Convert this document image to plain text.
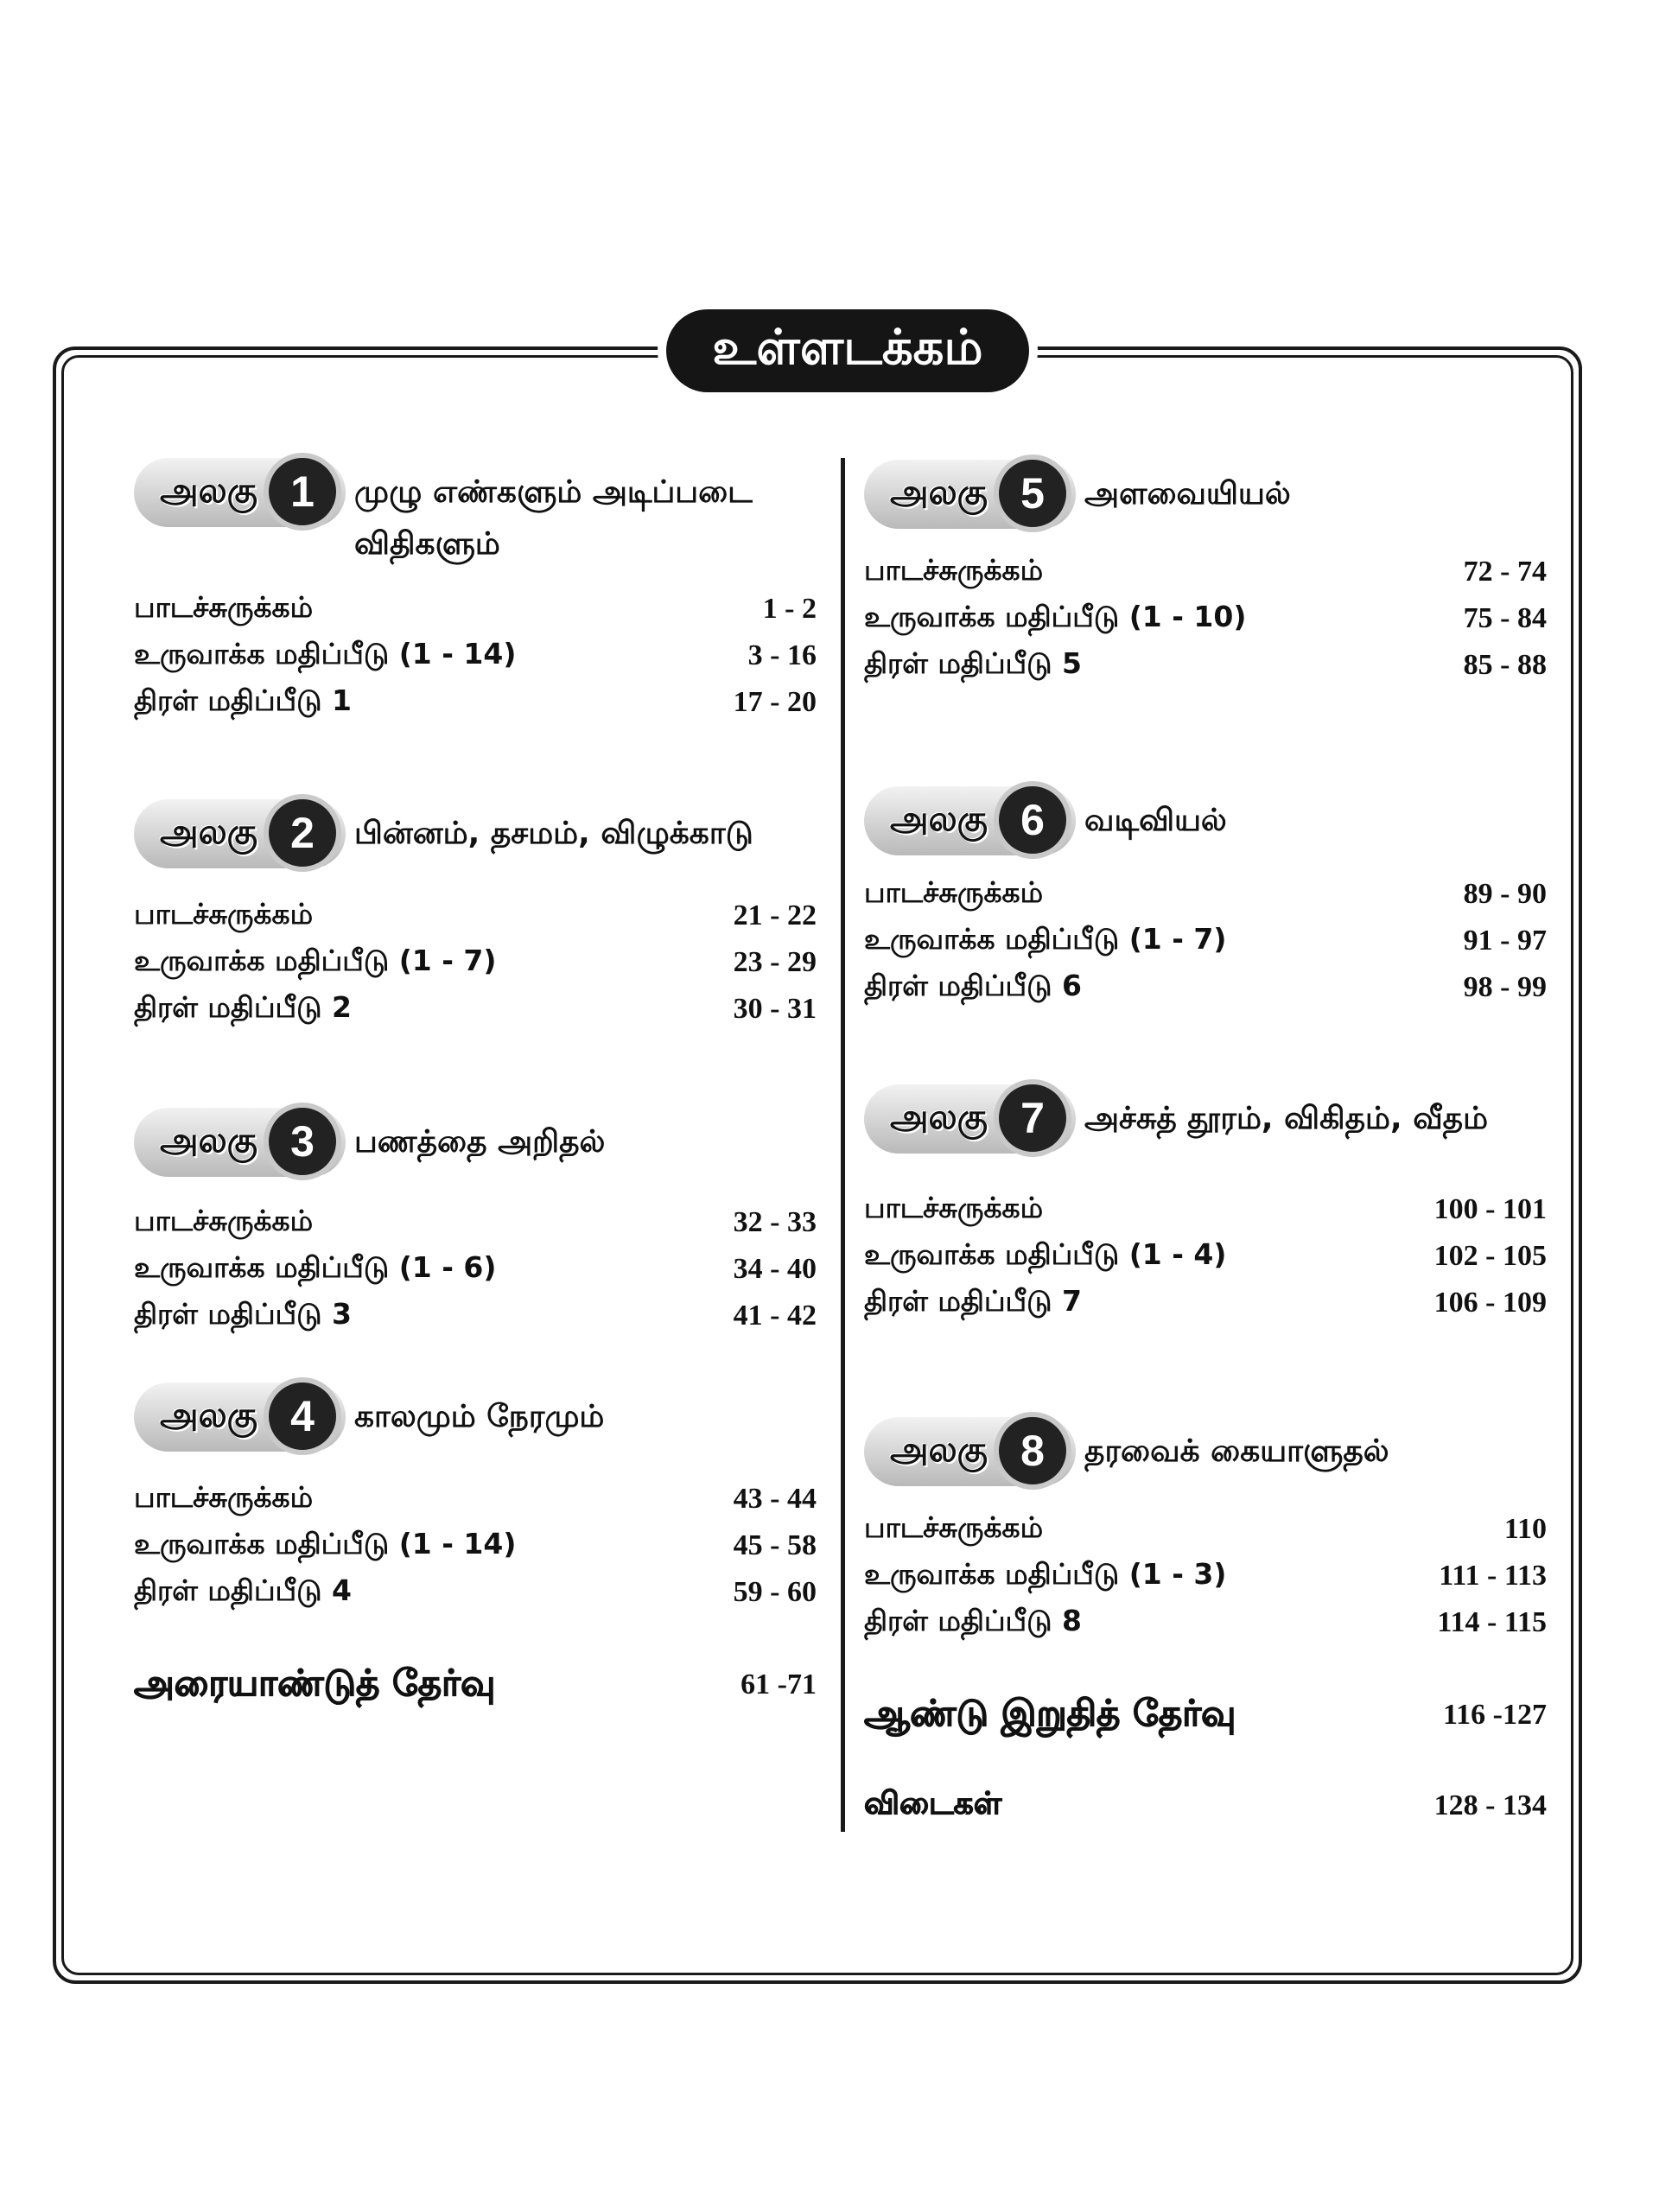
உள்ளடக்கம்
அலகு 1	முழு எண்களும் அடிப்படை விதிகளும்
பாடச்சுருக்கம்	1 - 2
உருவாக்க மதிப்பீடு (1 - 14)	3 - 16
திரள் மதிப்பீடு 1	17 - 20
அலகு 2	பின்னம், தசமம், விழுக்காடு
பாடச்சுருக்கம்	21 - 22
உருவாக்க மதிப்பீடு (1 - 7)	23 - 29
திரள் மதிப்பீடு 2	30 - 31
அலகு 3	பணத்தை அறிதல்
பாடச்சுருக்கம்	32 - 33
உருவாக்க மதிப்பீடு (1 - 6)	34 - 40
திரள் மதிப்பீடு 3	41 - 42
அலகு 4	காலமும் நேரமும்
பாடச்சுருக்கம்	43 - 44
உருவாக்க மதிப்பீடு (1 - 14)	45 - 58
திரள் மதிப்பீடு 4	59 - 60
அலகு 5	அளவையியல்
பாடச்சுருக்கம்	72 - 74
உருவாக்க மதிப்பீடு (1 - 10)	75 - 84
திரள் மதிப்பீடு 5	85 - 88
அலகு 6	வடிவியல்
பாடச்சுருக்கம்	89 - 90
உருவாக்க மதிப்பீடு (1 - 7)	91 - 97
திரள் மதிப்பீடு 6	98 - 99
அலகு 7	அச்சுத் தூரம், விகிதம், வீதம்
பாடச்சுருக்கம்	100 - 101
உருவாக்க மதிப்பீடு (1 - 4)	102 - 105
திரள் மதிப்பீடு 7	106 - 109
அலகு 8	தரவைக் கையாளுதல்
பாடச்சுருக்கம்	110
உருவாக்க மதிப்பீடு (1 - 3)	111 - 113
திரள் மதிப்பீடு 8	114 - 115
அரையாண்டுத் தேர்வு	61 -71
ஆண்டு இறுதித் தேர்வு	116 -127
விடைகள்	128 - 134
